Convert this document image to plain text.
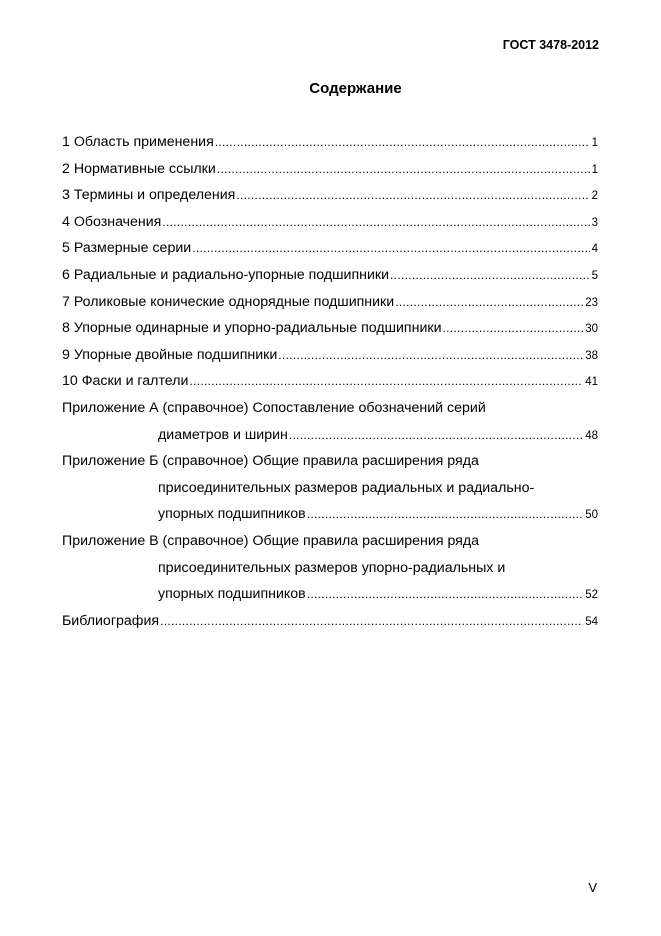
ГОСТ 3478-2012
Содержание
1 Область применения .....	1
2 Нормативные ссылки .....	1
3 Термины и определения .....	2
4 Обозначения .....	3
5 Размерные серии .....	4
6 Радиальные и радиально-упорные подшипники .....	5
7 Роликовые конические однорядные подшипники .....	23
8 Упорные одинарные и упорно-радиальные подшипники .....	30
9 Упорные двойные подшипники .....	38
10 Фаски и галтели .....	41
Приложение А (справочное) Сопоставление обозначений серий
диаметров и ширин .....	48
Приложение Б (справочное) Общие правила расширения ряда
присоединительных размеров радиальных и радиально-
упорных подшипников .....	50
Приложение В (справочное) Общие правила расширения ряда
присоединительных размеров упорно-радиальных и
упорных подшипников .....	52
Библиография .....	54
V
